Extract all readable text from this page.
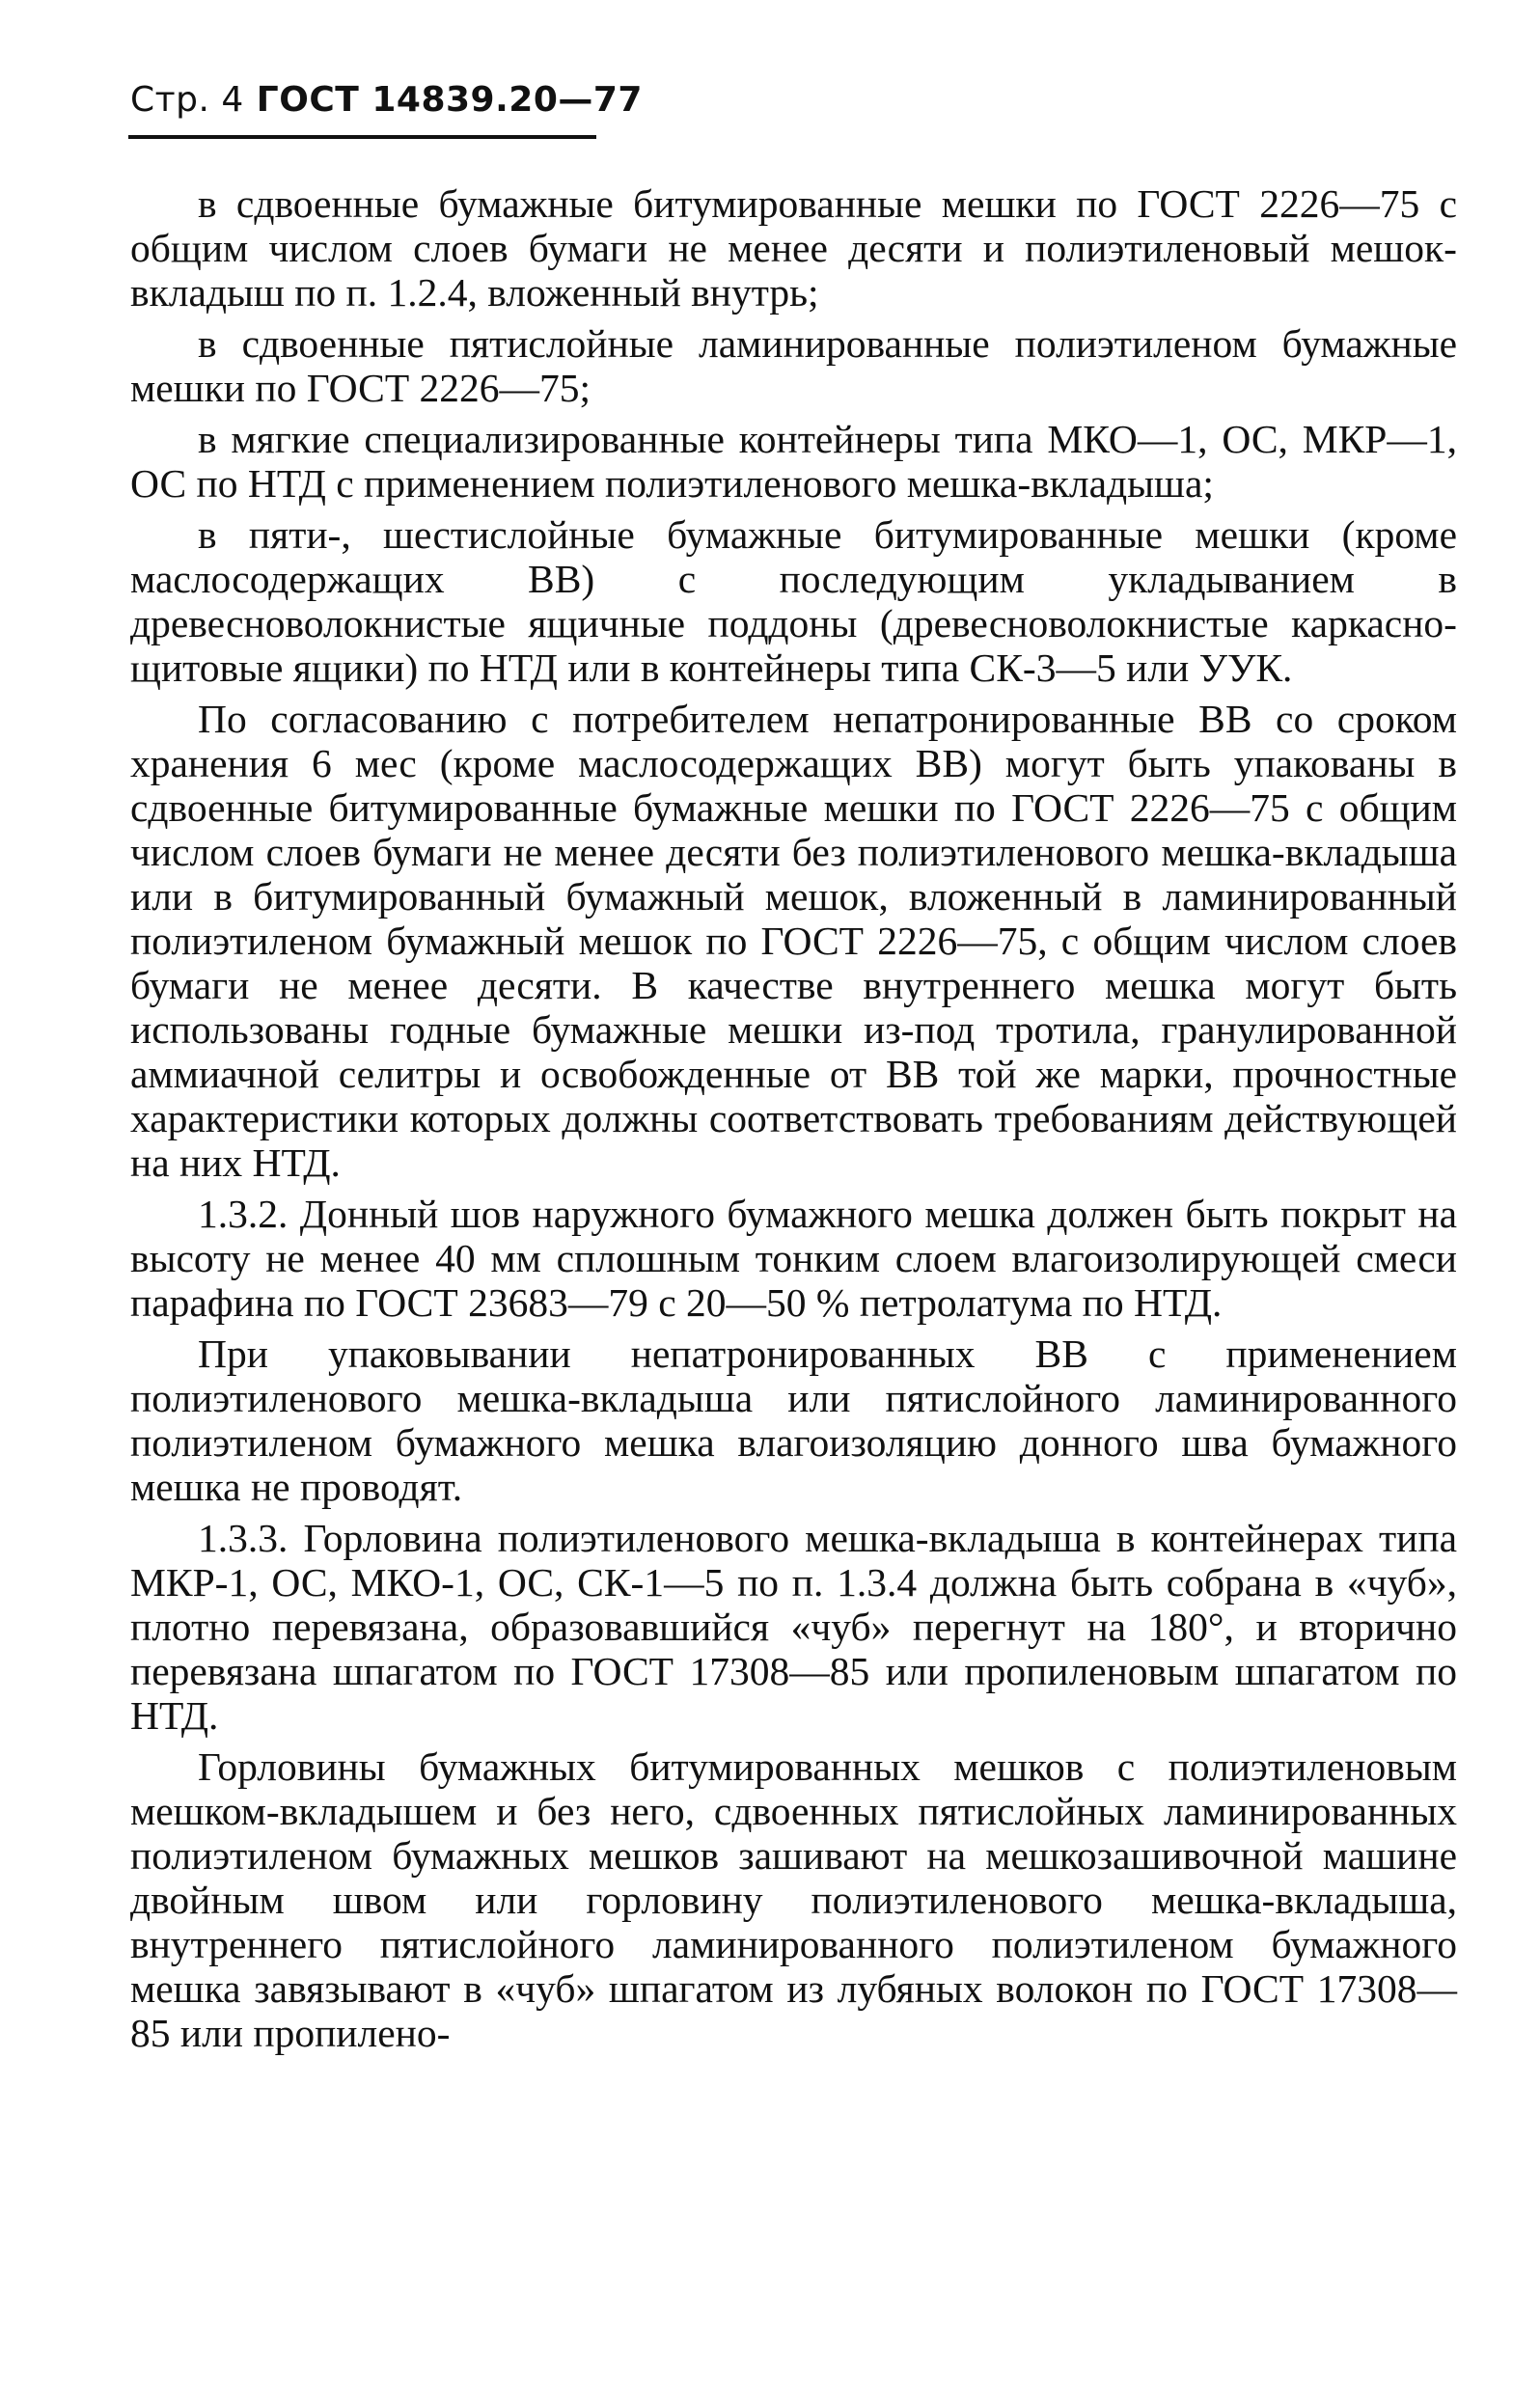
Стр. 4 ГОСТ 14839.20—77

в сдвоенные бумажные битумированные мешки по ГОСТ 2226—75 с общим числом слоев бумаги не менее десяти и полиэтиленовый мешок-вкладыш по п. 1.2.4, вложенный внутрь;

в сдвоенные пятислойные ламинированные полиэтиленом бумажные мешки по ГОСТ 2226—75;

в мягкие специализированные контейнеры типа МКО—1, ОС, МКР—1, ОС по НТД с применением полиэтиленового мешка-вкладыша;

в пяти-, шестислойные бумажные битумированные мешки (кроме маслосодержащих ВВ) с последующим укладыванием в древесноволокнистые ящичные поддоны (древесноволокнистые каркасно-щитовые ящики) по НТД или в контейнеры типа СК-3—5 или УУК.

По согласованию с потребителем непатронированные ВВ со сроком хранения 6 мес (кроме маслосодержащих ВВ) могут быть упакованы в сдвоенные битумированные бумажные мешки по ГОСТ 2226—75 с общим числом слоев бумаги не менее десяти без полиэтиленового мешка-вкладыша или в битумированный бумажный мешок, вложенный в ламинированный полиэтиленом бумажный мешок по ГОСТ 2226—75, с общим числом слоев бумаги не менее десяти. В качестве внутреннего мешка могут быть использованы годные бумажные мешки из-под тротила, гранулированной аммиачной селитры и освобожденные от ВВ той же марки, прочностные характеристики которых должны соответствовать требованиям действующей на них НТД.

1.3.2. Донный шов наружного бумажного мешка должен быть покрыт на высоту не менее 40 мм сплошным тонким слоем влагоизолирующей смеси парафина по ГОСТ 23683—79 с 20—50 % петролатума по НТД.

При упаковывании непатронированных ВВ с применением полиэтиленового мешка-вкладыша или пятислойного ламинированного полиэтиленом бумажного мешка влагоизоляцию донного шва бумажного мешка не проводят.

1.3.3. Горловина полиэтиленового мешка-вкладыша в контейнерах типа МКР-1, ОС, МКО-1, ОС, СК-1—5 по п. 1.3.4 должна быть собрана в «чуб», плотно перевязана, образовавшийся «чуб» перегнут на 180°, и вторично перевязана шпагатом по ГОСТ 17308—85 или пропиленовым шпагатом по НТД.

Горловины бумажных битумированных мешков с полиэтиленовым мешком-вкладышем и без него, сдвоенных пятислойных ламинированных полиэтиленом бумажных мешков зашивают на мешкозашивочной машине двойным швом или горловину полиэтиленового мешка-вкладыша, внутреннего пятислойного ламинированного полиэтиленом бумажного мешка завязывают в «чуб» шпагатом из лубяных волокон по ГОСТ 17308—85 или пропилено-
